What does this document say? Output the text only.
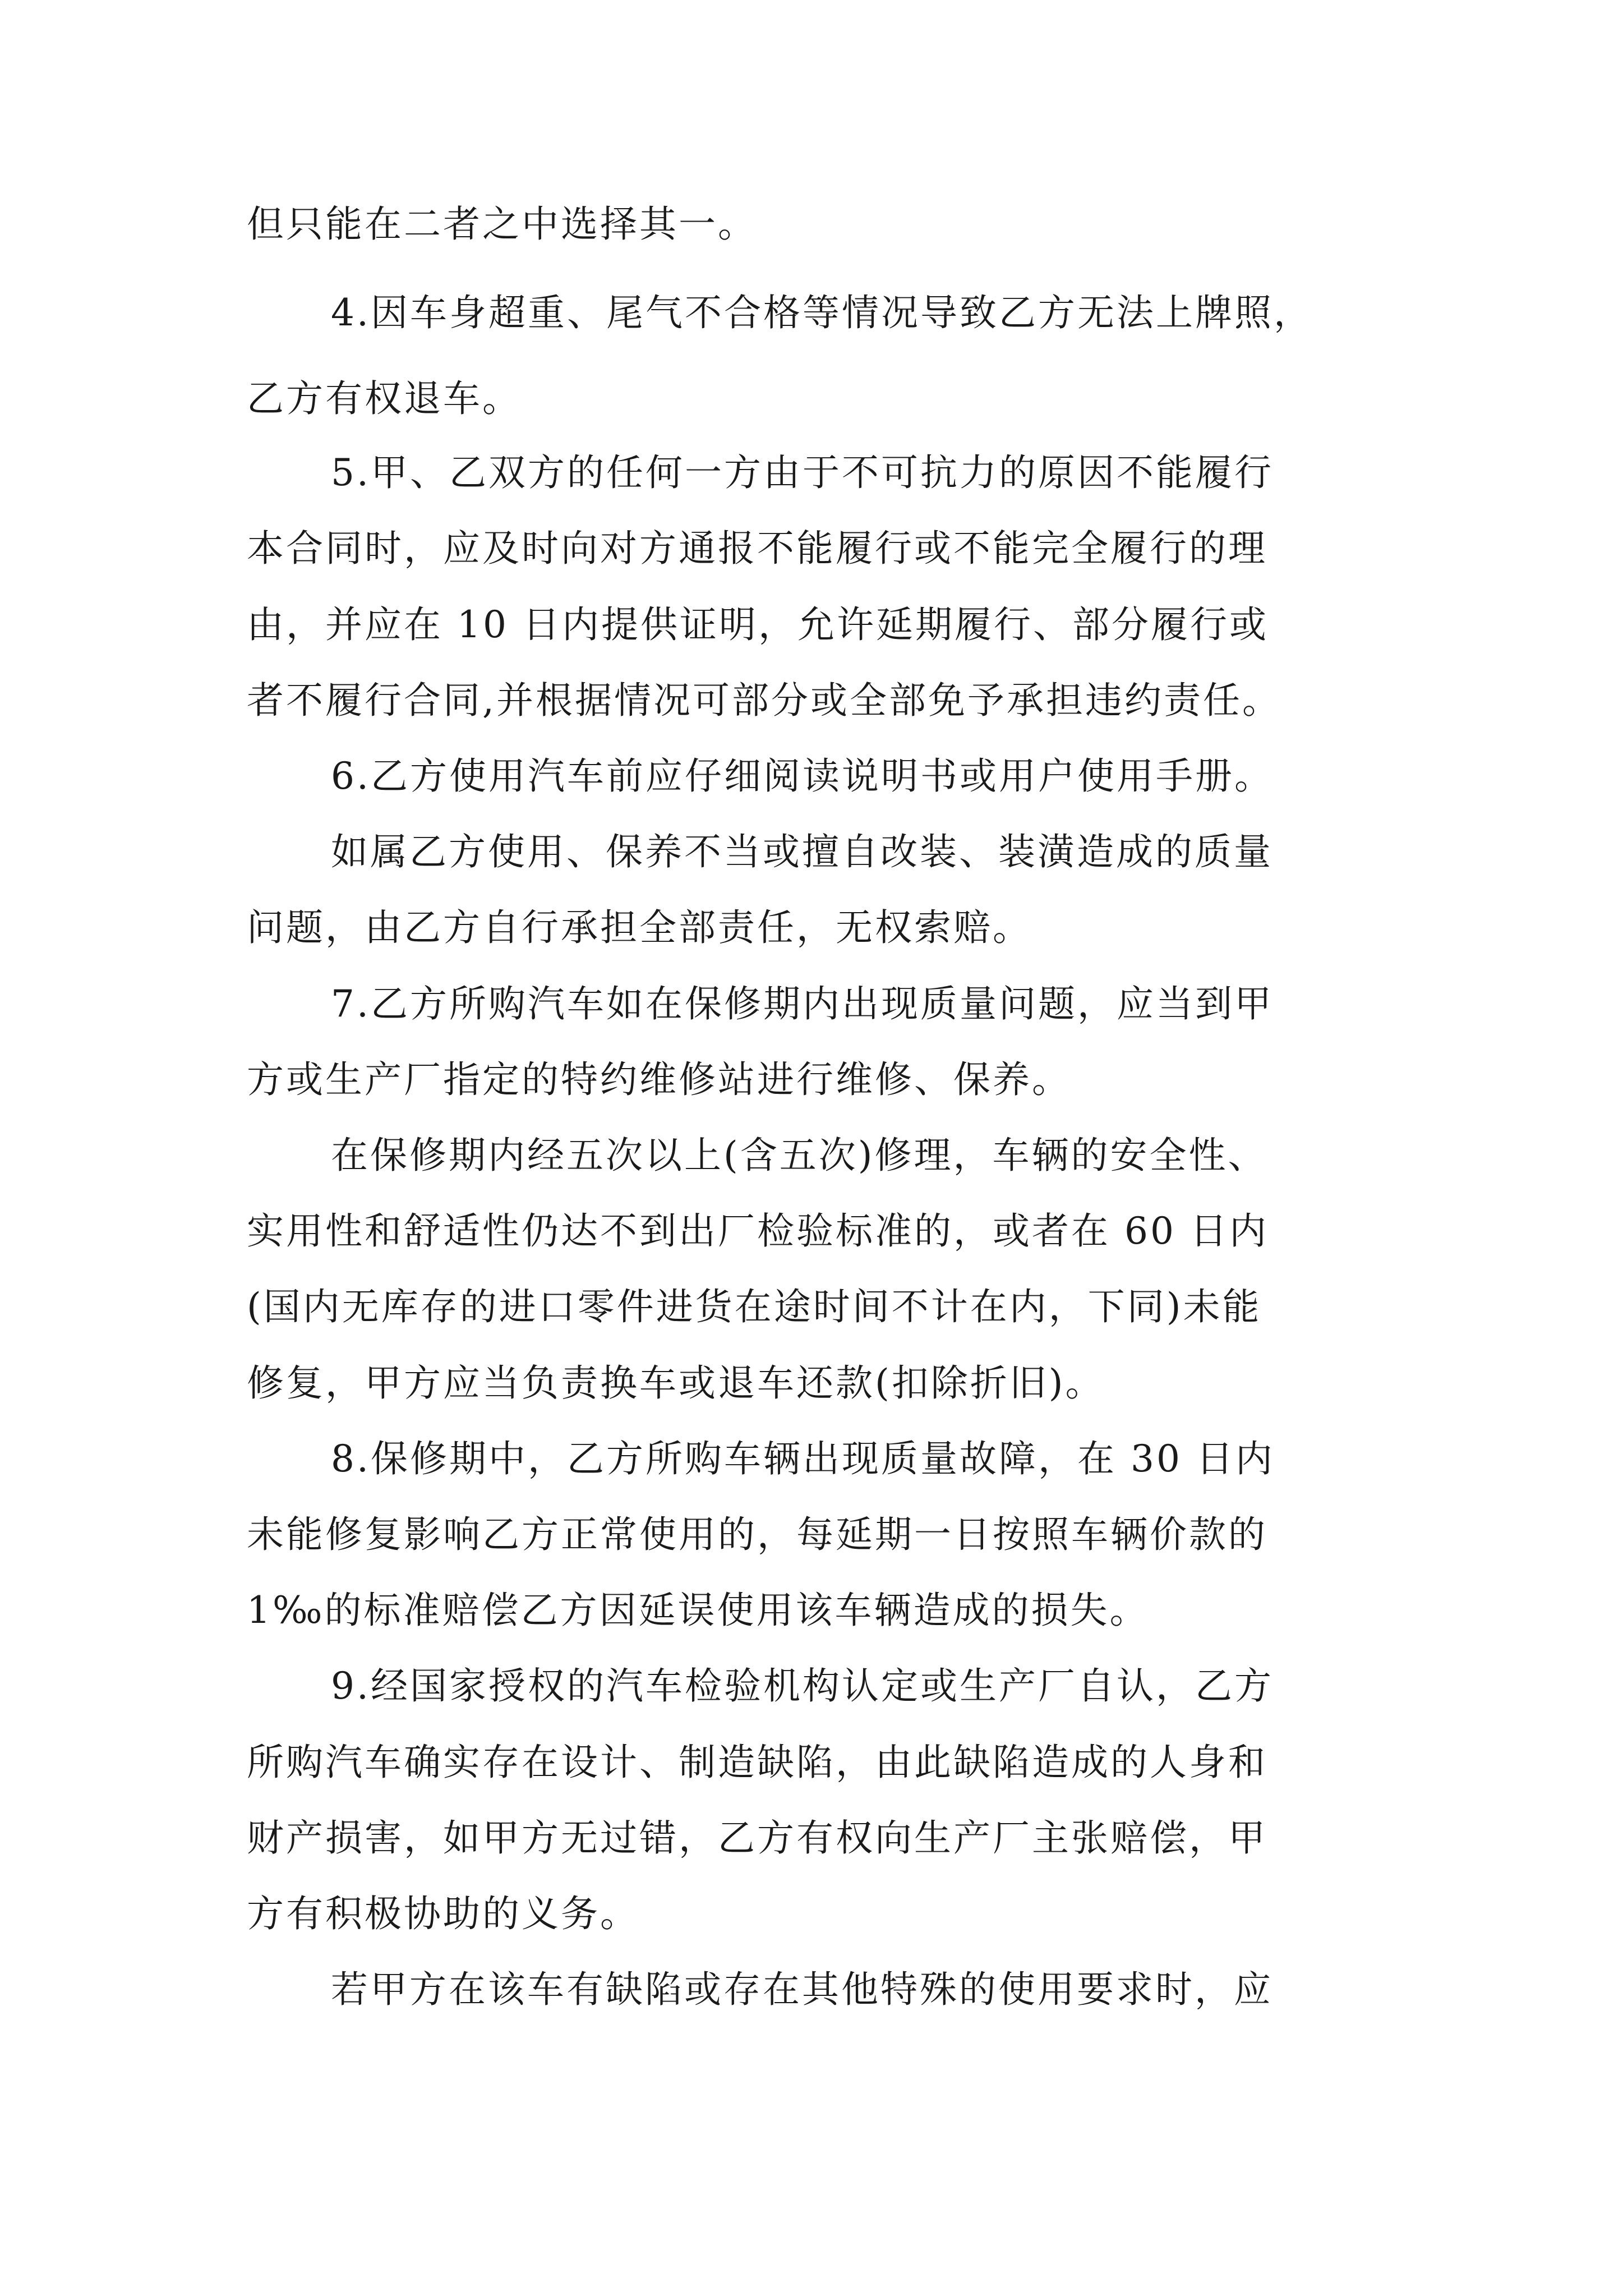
但只能在二者之中选择其一。
4.因车身超重、尾气不合格等情况导致乙方无法上牌照，
乙方有权退车。
5.甲、乙双方的任何一方由于不可抗力的原因不能履行
本合同时，应及时向对方通报不能履行或不能完全履行的理
由，并应在 10 日内提供证明，允许延期履行、部分履行或
者不履行合同,并根据情况可部分或全部免予承担违约责任。
6.乙方使用汽车前应仔细阅读说明书或用户使用手册。
如属乙方使用、保养不当或擅自改装、装潢造成的质量
问题，由乙方自行承担全部责任，无权索赔。
7.乙方所购汽车如在保修期内出现质量问题，应当到甲
方或生产厂指定的特约维修站进行维修、保养。
在保修期内经五次以上(含五次)修理，车辆的安全性、
实用性和舒适性仍达不到出厂检验标准的，或者在 60 日内
(国内无库存的进口零件进货在途时间不计在内，下同)未能
修复，甲方应当负责换车或退车还款(扣除折旧)。
8.保修期中，乙方所购车辆出现质量故障，在 30 日内
未能修复影响乙方正常使用的，每延期一日按照车辆价款的
1‰的标准赔偿乙方因延误使用该车辆造成的损失。
9.经国家授权的汽车检验机构认定或生产厂自认，乙方
所购汽车确实存在设计、制造缺陷，由此缺陷造成的人身和
财产损害，如甲方无过错，乙方有权向生产厂主张赔偿，甲
方有积极协助的义务。
若甲方在该车有缺陷或存在其他特殊的使用要求时，应
